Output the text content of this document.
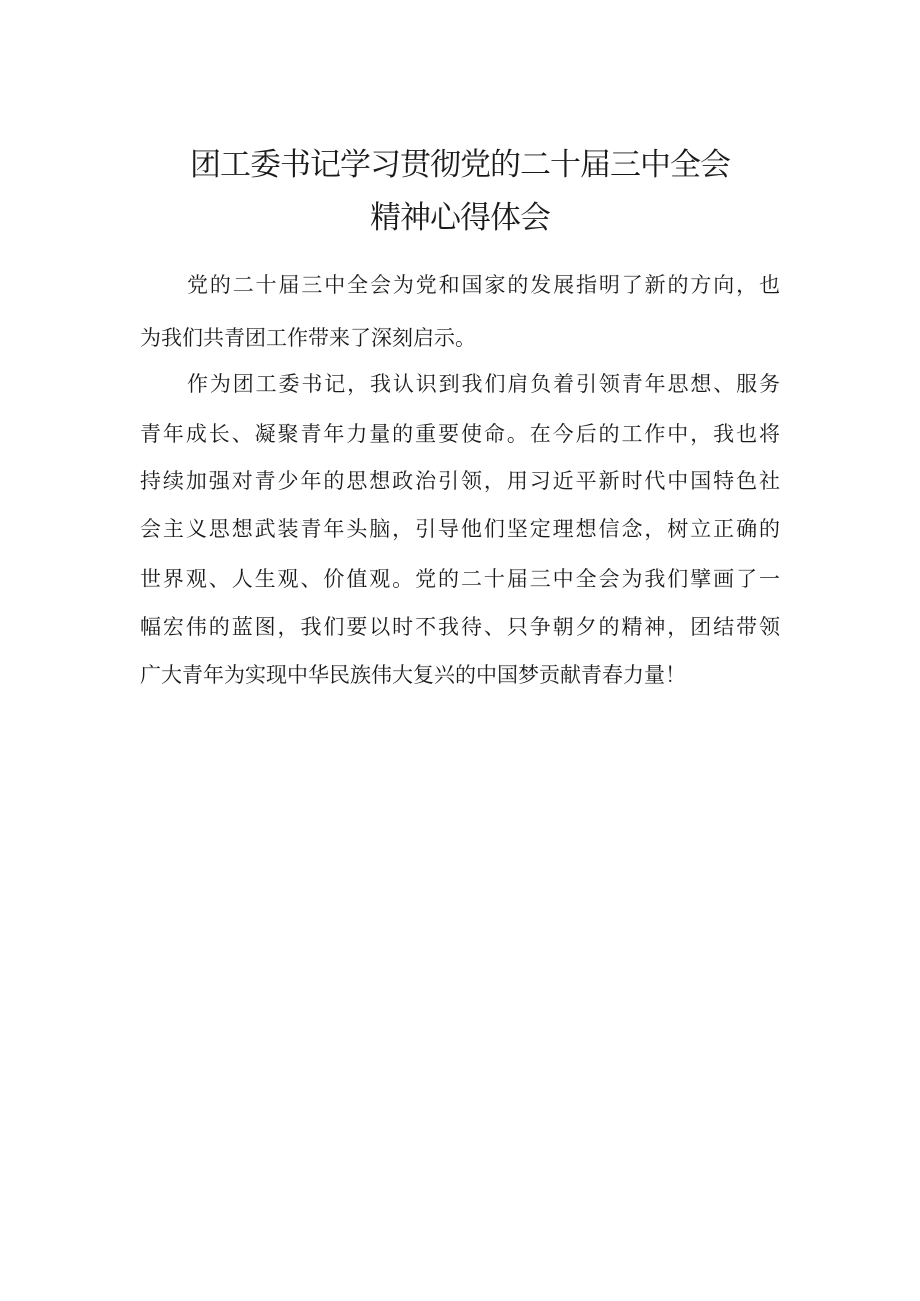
团工委书记学习贯彻党的二十届三中全会
精神心得体会
党的二十届三中全会为党和国家的发展指明了新的方向，也
为我们共青团工作带来了深刻启示。
作为团工委书记，我认识到我们肩负着引领青年思想、服务
青年成长、凝聚青年力量的重要使命。在今后的工作中，我也将
持续加强对青少年的思想政治引领，用习近平新时代中国特色社
会主义思想武装青年头脑，引导他们坚定理想信念，树立正确的
世界观、人生观、价值观。党的二十届三中全会为我们擘画了一
幅宏伟的蓝图，我们要以时不我待、只争朝夕的精神，团结带领
广大青年为实现中华民族伟大复兴的中国梦贡献青春力量！
